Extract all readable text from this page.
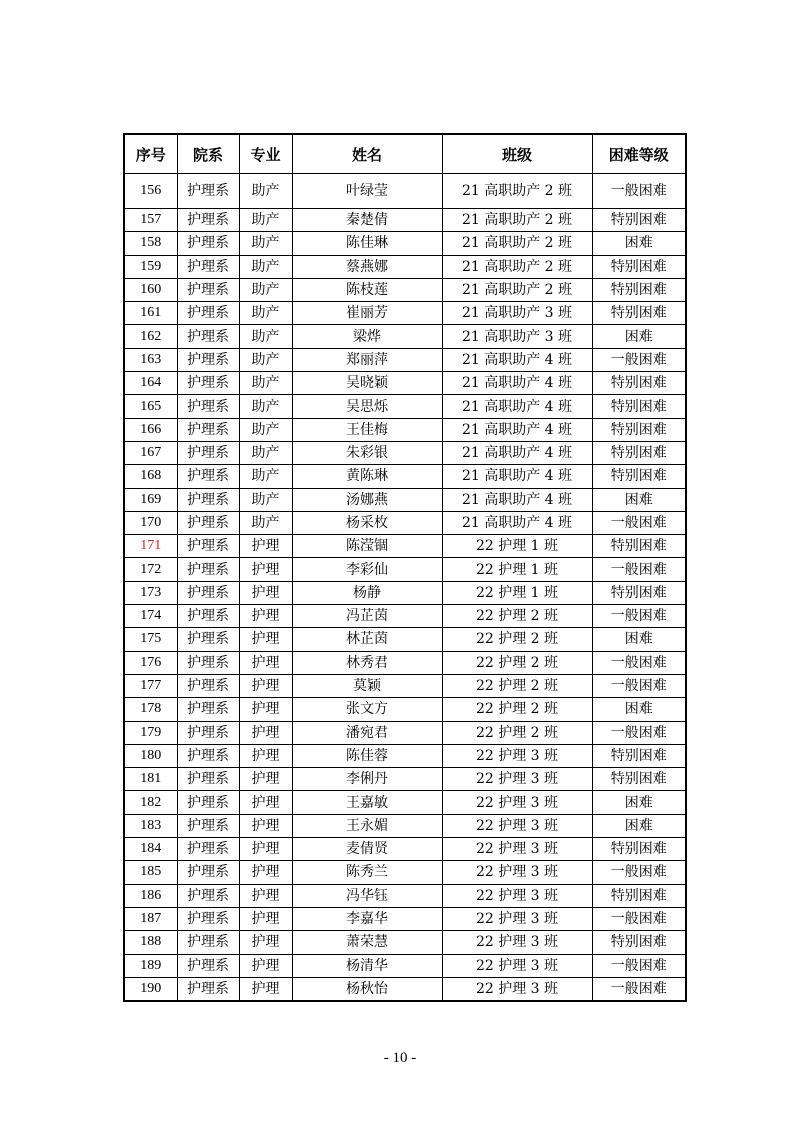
序号	院系	专业	姓名	班级	困难等级
156	护理系	助产	叶绿莹	21 高职助产 2 班	一般困难
157	护理系	助产	秦楚倩	21 高职助产 2 班	特别困难
158	护理系	助产	陈佳琳	21 高职助产 2 班	困难
159	护理系	助产	蔡燕娜	21 高职助产 2 班	特别困难
160	护理系	助产	陈枝莲	21 高职助产 2 班	特别困难
161	护理系	助产	崔丽芳	21 高职助产 3 班	特别困难
162	护理系	助产	梁烨	21 高职助产 3 班	困难
163	护理系	助产	郑丽萍	21 高职助产 4 班	一般困难
164	护理系	助产	吴晓颖	21 高职助产 4 班	特别困难
165	护理系	助产	吴思烁	21 高职助产 4 班	特别困难
166	护理系	助产	王佳梅	21 高职助产 4 班	特别困难
167	护理系	助产	朱彩银	21 高职助产 4 班	特别困难
168	护理系	助产	黄陈琳	21 高职助产 4 班	特别困难
169	护理系	助产	汤娜燕	21 高职助产 4 班	困难
170	护理系	助产	杨采枚	21 高职助产 4 班	一般困难
171	护理系	护理	陈滢锢	22 护理 1 班	特别困难
172	护理系	护理	李彩仙	22 护理 1 班	一般困难
173	护理系	护理	杨静	22 护理 1 班	特别困难
174	护理系	护理	冯芷茵	22 护理 2 班	一般困难
175	护理系	护理	林芷茵	22 护理 2 班	困难
176	护理系	护理	林秀君	22 护理 2 班	一般困难
177	护理系	护理	莫颖	22 护理 2 班	一般困难
178	护理系	护理	张文方	22 护理 2 班	困难
179	护理系	护理	潘宛君	22 护理 2 班	一般困难
180	护理系	护理	陈佳蓉	22 护理 3 班	特别困难
181	护理系	护理	李俐丹	22 护理 3 班	特别困难
182	护理系	护理	王嘉敏	22 护理 3 班	困难
183	护理系	护理	王永媚	22 护理 3 班	困难
184	护理系	护理	麦倩贤	22 护理 3 班	特别困难
185	护理系	护理	陈秀兰	22 护理 3 班	一般困难
186	护理系	护理	冯华钰	22 护理 3 班	特别困难
187	护理系	护理	李嘉华	22 护理 3 班	一般困难
188	护理系	护理	萧荣慧	22 护理 3 班	特别困难
189	护理系	护理	杨清华	22 护理 3 班	一般困难
190	护理系	护理	杨秋怡	22 护理 3 班	一般困难
- 10 -
